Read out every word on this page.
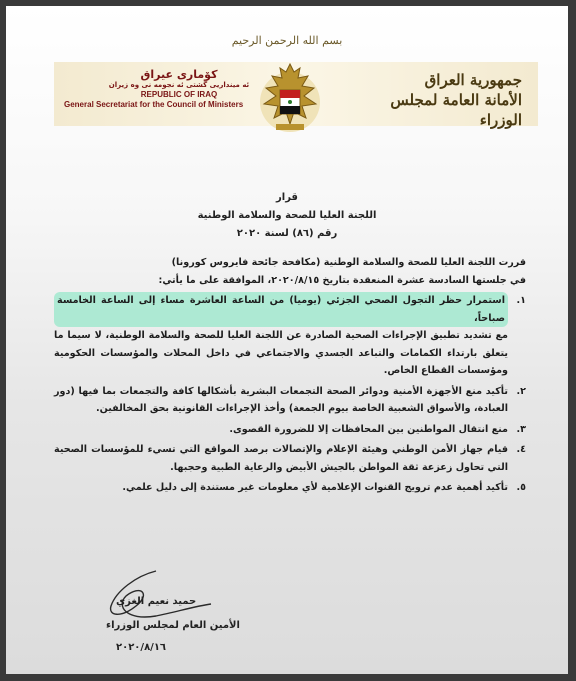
بسم الله الرحمن الرحيم
جمهورية العراق
الأمانة العامة لمجلس الوزراء
كۆماری عیراق
ئه مینداریی گشتی ئه نجومه نی وه زیران
REPUBLIC OF IRAQ
General Secretariat for the Council of Ministers
قرار
اللجنة العليا للصحة والسلامة الوطنية
رقم (٨٦) لسنة ٢٠٢٠

قررت اللجنة العليا للصحة والسلامة الوطنية (مكافحة جائحة فايروس كورونا)

في جلستها السادسة عشرة المنعقدة بتاريخ ٢٠٢٠/٨/١٥، الموافقة على ما يأتي:

١.
استمرار حظر التجول الصحي الجزئي (يوميا) من الساعة العاشرة مساء إلى الساعة الخامسة صباحاً، مع تشديد تطبيق الإجراءات الصحية الصادرة عن اللجنة العليا للصحة والسلامة الوطنية، لا سيما ما يتعلق بارتداء الكمامات والتباعد الجسدي والاجتماعي في داخل المحلات والمؤسسات الحكومية ومؤسسات القطاع الخاص.
٢.
تأكيد منع الأجهزة الأمنية ودوائر الصحة التجمعات البشرية بأشكالها كافة والتجمعات بما فيها (دور العبادة، والأسواق الشعبية الخاصة بيوم الجمعة) وأخذ الإجراءات القانونية بحق المخالفين.
٣.
منع انتقال المواطنين بين المحافظات إلا للضرورة القصوى.
٤.
قيام جهاز الأمن الوطني وهيئة الإعلام والإتصالات برصد المواقع التي تسيء للمؤسسات الصحية التي تحاول زعزعة ثقة المواطن بالجيش الأبيض والرعاية الطبية وحجبها.
٥.
تأكيد أهمية عدم ترويج القنوات الإعلامية لأي معلومات غير مستندة إلى دليل علمي.
حميد نعيم الغزي
الأمين العام لمجلس الوزراء
٢٠٢٠/٨/١٦
